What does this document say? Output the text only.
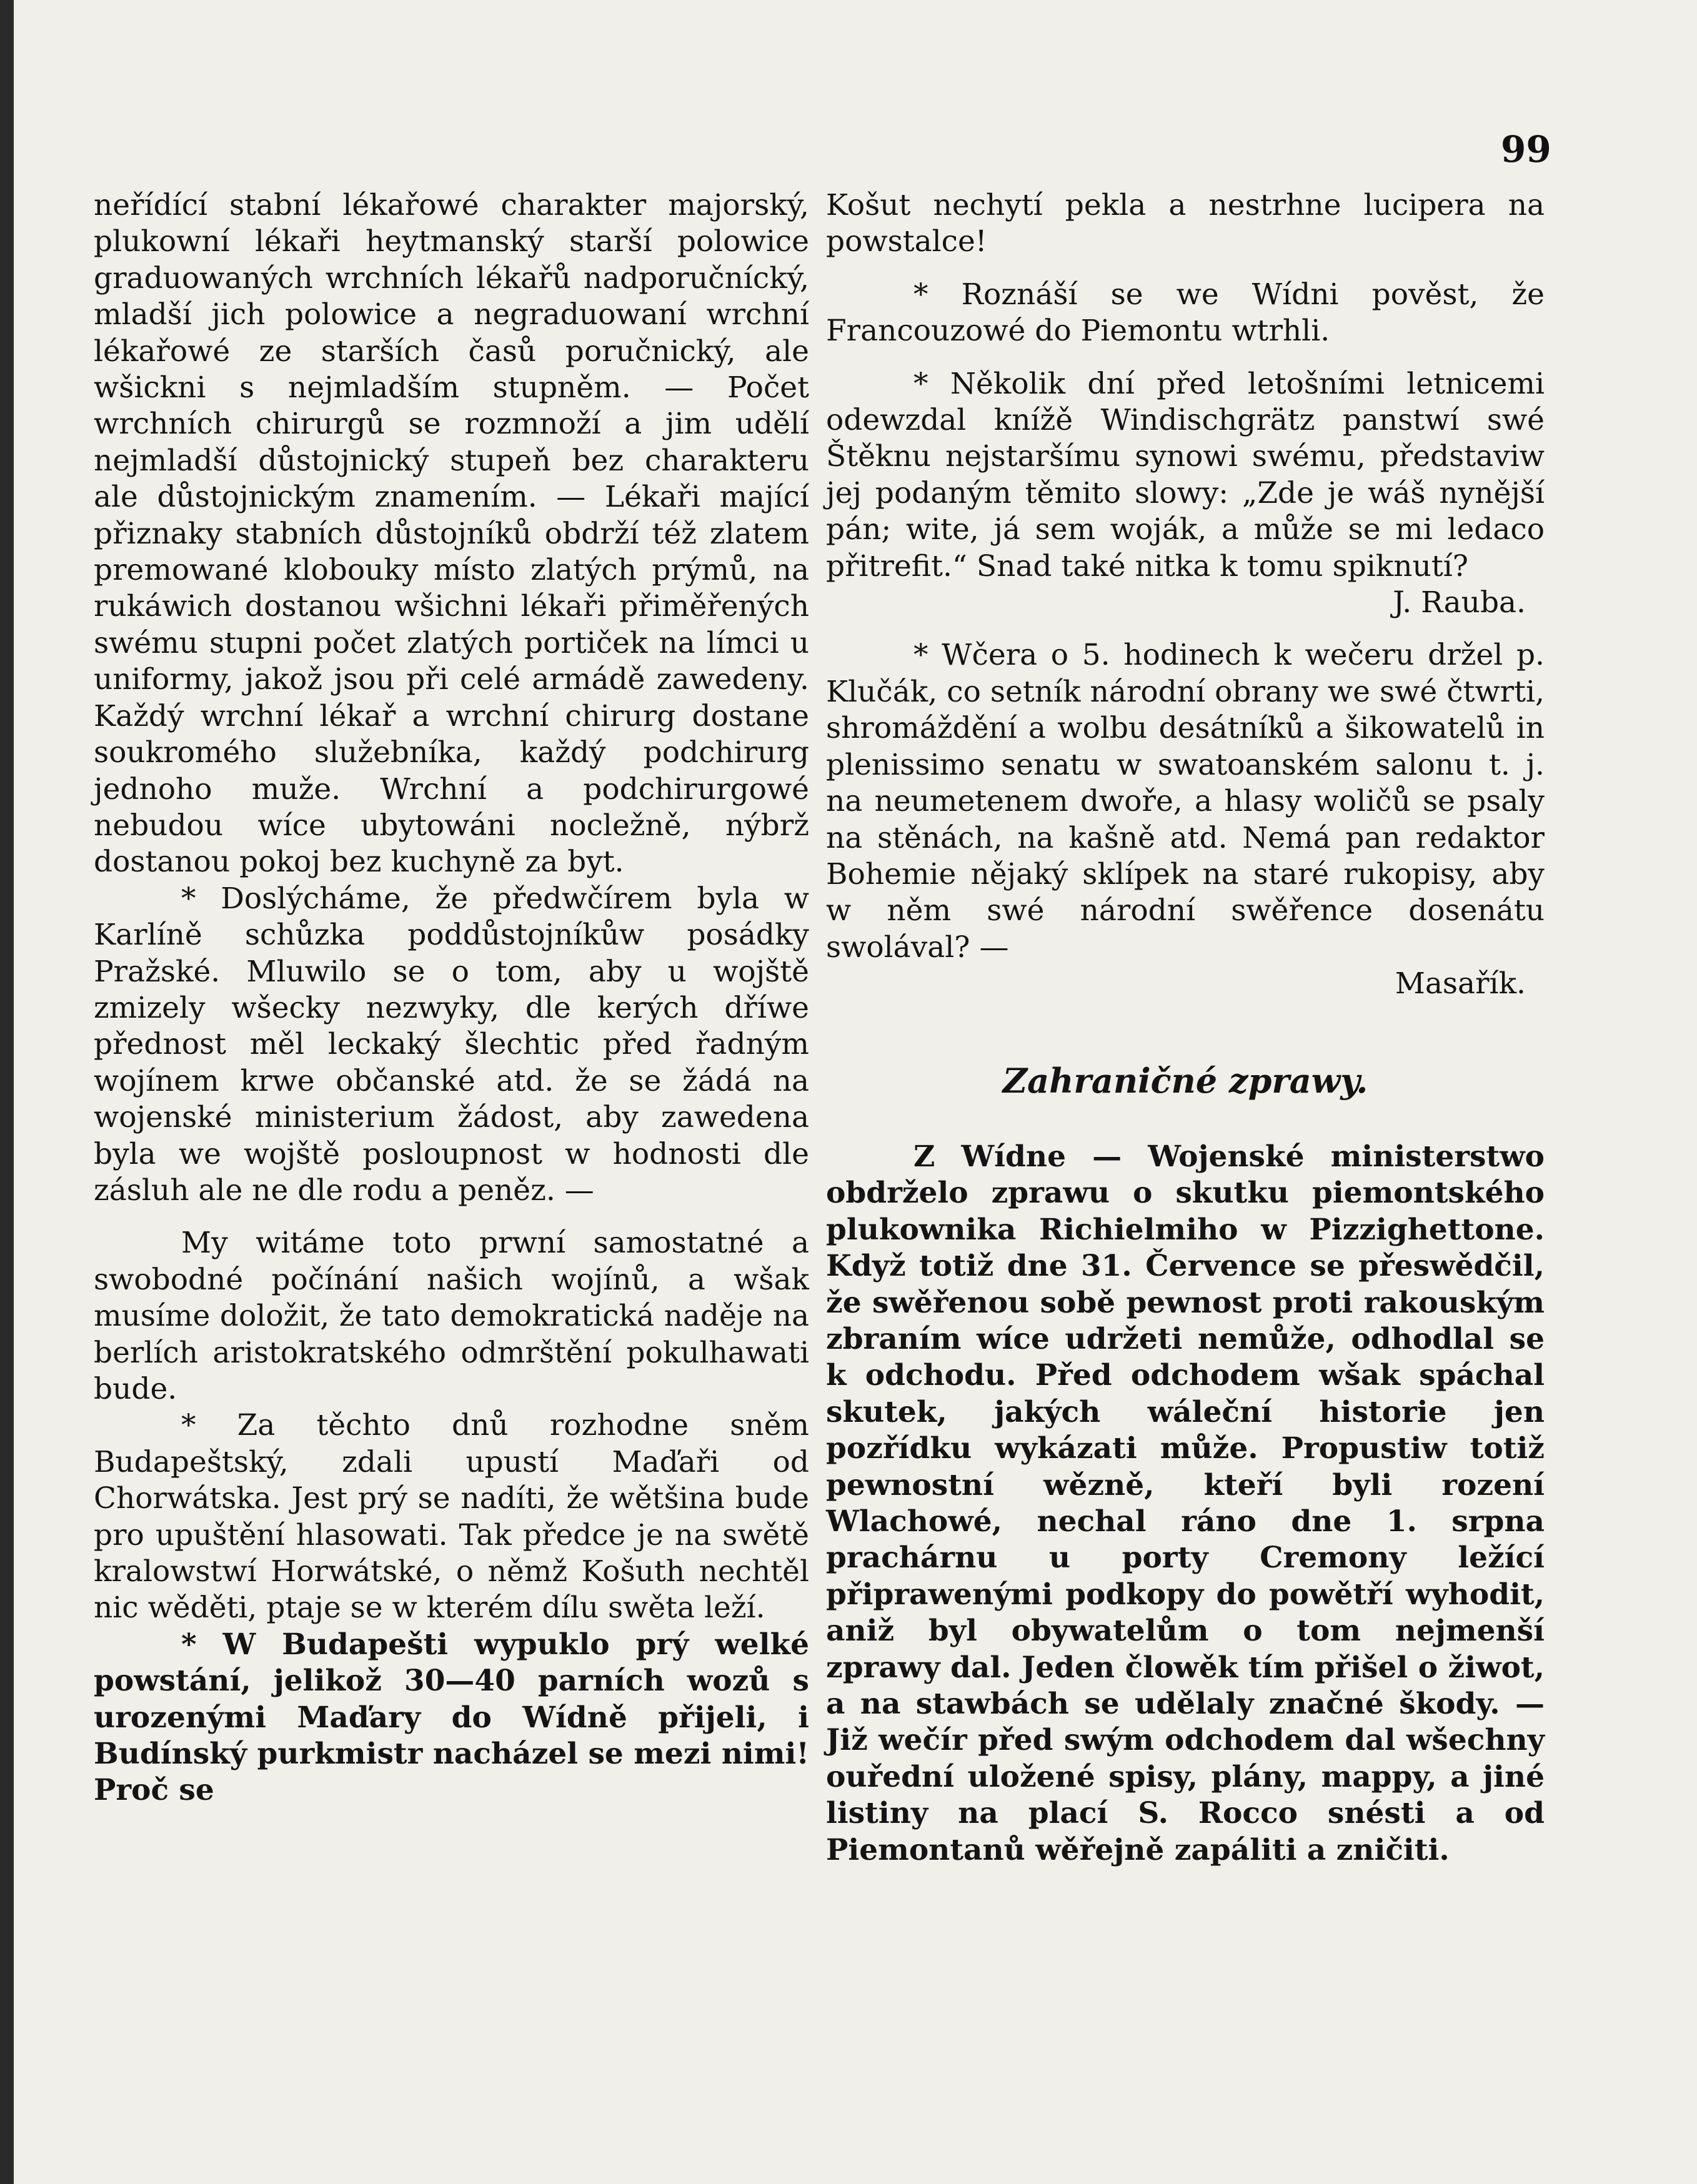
99

neřídící stabní lékařowé charakter majorský, plukowní lékaři heytmanský starší polowice graduowaných wrchních lékařů nadporučnícký, mladší jich polowice a negraduowaní wrchní lékařowé ze starších časů poručnický, ale wšickni s nejmladším stupněm. — Počet wrchních chirurgů se rozmnoží a jim udělí nejmladší důstojnický stupeň bez charakteru ale důstojnickým znamením. — Lékaři mající přiznaky stabních důstojníků obdrží též zlatem premowané klobouky místo zlatých prýmů, na rukáwich dostanou wšichni lékaři přiměřených swému stupni počet zlatých portiček na límci u uniformy, jakož jsou při celé armádě zawedeny. Každý wrchní lékař a wrchní chirurg dostane soukromého služebníka, každý podchirurg jednoho muže. Wrchní a podchirurgowé nebudou wíce ubytowáni nocležně, nýbrž dostanou pokoj bez kuchyně za byt.

* Doslýcháme, že předwčírem byla w Karlíně schůzka poddůstojníkůw posádky Pražské. Mluwilo se o tom, aby u wojště zmizely wšecky nezwyky, dle kerých dříwe přednost měl leckaký šlechtic před řadným wojínem krwe občanské atd. že se žádá na wojenské ministerium žádost, aby zawedena byla we wojště posloupnost w hodnosti dle zásluh ale ne dle rodu a peněz. —

My witáme toto prwní samostatné a swobodné počínání našich wojínů, a wšak musíme doložit, že tato demokratická naděje na berlích aristokratského odmrštění pokulhawati bude.

* Za těchto dnů rozhodne sněm Budapeštský, zdali upustí Maďaři od Chorwátska. Jest prý se nadíti, že wětšina bude pro upuštění hlasowati. Tak předce je na swětě kralowstwí Horwátské, o němž Košuth nechtěl nic wěděti, ptaje se w kterém dílu swěta leží.

* W Budapešti wypuklo prý welké powstání, jelikož 30—40 parních wozů s urozenými Maďary do Wídně přijeli, i Budínský purkmistr nacházel se mezi nimi! Proč se

Košut nechytí pekla a nestrhne lucipera na powstalce!

* Roznáší se we Wídni pověst, že Francouzowé do Piemontu wtrhli.

* Několik dní před letošními letnicemi odewzdal knížě Windischgrätz panstwí swé Štěknu nejstaršímu synowi swému, představiw jej podaným těmito slowy: „Zde je wáš nynější pán; wite, já sem woják, a může se mi ledaco přitrefit.“ Snad také nitka k tomu spiknutí?

J. Rauba.

* Wčera o 5. hodinech k wečeru držel p. Klučák, co setník národní obrany we swé čtwrti, shromáždění a wolbu desátníků a šikowatelů in plenissimo senatu w swatoanském salonu t. j. na neumetenem dwoře, a hlasy woličů se psaly na stěnách, na kašně atd. Nemá pan redaktor Bohemie nějaký sklípek na staré rukopisy, aby w něm swé národní swěřence dosenátu swolával? —

Masařík.

Zahraničné zprawy.

Z Wídne — Wojenské ministerstwo obdrželo zprawu o skutku piemontského plukownika Richielmiho w Pizzighettone. Když totiž dne 31. Července se přeswědčil, že swěřenou sobě pewnost proti rakouským zbraním wíce udržeti nemůže, odhodlal se k odchodu. Před odchodem wšak spáchal skutek, jakých wáleční historie jen pozřídku wykázati může. Propustiw totiž pewnostní wězně, kteří byli rození Wlachowé, nechal ráno dne 1. srpna prachárnu u porty Cremony ležící připrawenými podkopy do powětří wyhodit, aniž byl obywatelům o tom nejmenší zprawy dal. Jeden člowěk tím přišel o žiwot, a na stawbách se udělaly značné škody. — Již wečír před swým odchodem dal wšechny ouřední uložené spisy, plány, mappy, a jiné listiny na plací S. Rocco snésti a od Piemontanů wěřejně zapáliti a zničiti.
